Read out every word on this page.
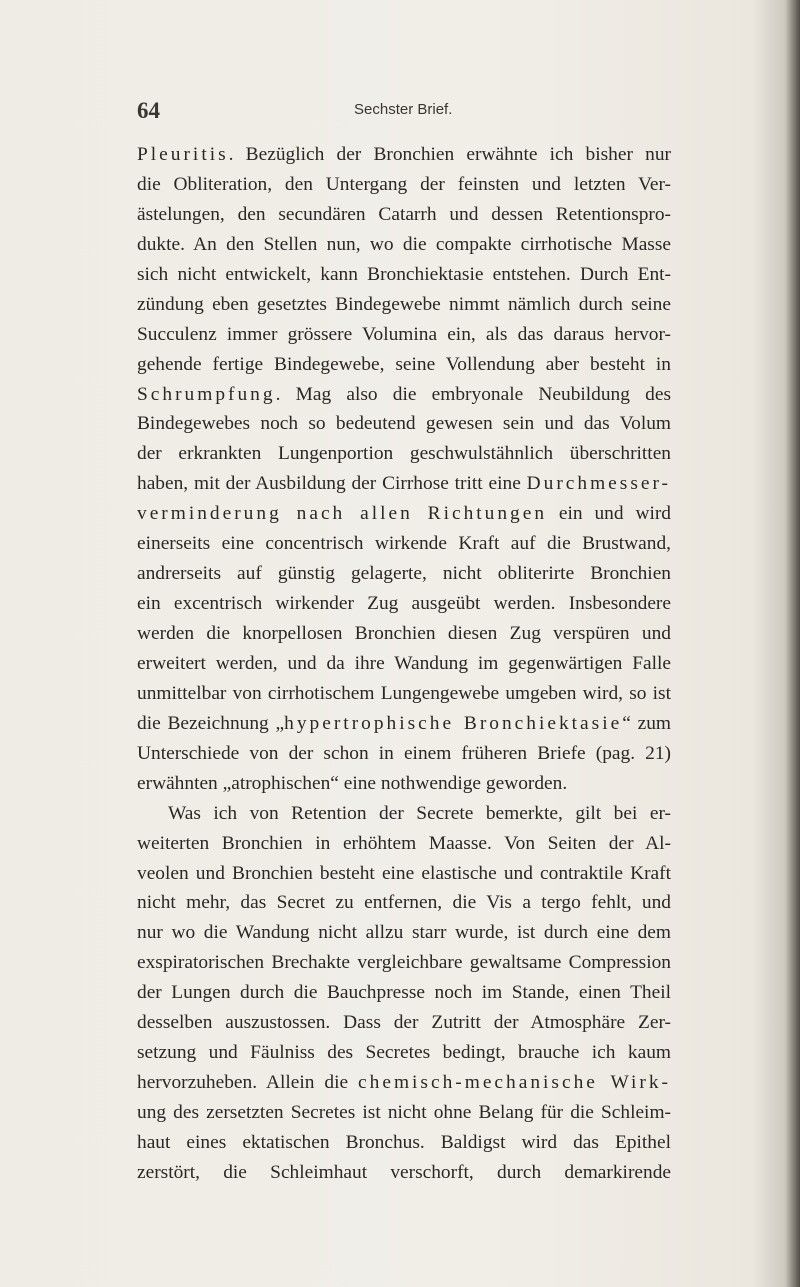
64	Sechster Brief.
Pleuritis. Bezüglich der Bronchien erwähnte ich bisher nur
die Obliteration, den Untergang der feinsten und letzten Ver-
ästelungen, den secundären Catarrh und dessen Retentionspro-
dukte. An den Stellen nun, wo die compakte cirrhotische Masse
sich nicht entwickelt, kann Bronchiektasie entstehen. Durch Ent-
zündung eben gesetztes Bindegewebe nimmt nämlich durch seine
Succulenz immer grössere Volumina ein, als das daraus hervor-
gehende fertige Bindegewebe, seine Vollendung aber besteht in
Schrumpfung. Mag also die embryonale Neubildung des
Bindegewebes noch so bedeutend gewesen sein und das Volum
der erkrankten Lungenportion geschwulstähnlich überschritten
haben, mit der Ausbildung der Cirrhose tritt eine Durchmesser-
verminderung nach allen Richtungen ein und wird
einerseits eine concentrisch wirkende Kraft auf die Brustwand,
andrerseits auf günstig gelagerte, nicht obliterirte Bronchien
ein excentrisch wirkender Zug ausgeübt werden. Insbesondere
werden die knorpellosen Bronchien diesen Zug verspüren und
erweitert werden, und da ihre Wandung im gegenwärtigen Falle
unmittelbar von cirrhotischem Lungengewebe umgeben wird, so ist
die Bezeichnung „hypertrophische Bronchiektasie“ zum
Unterschiede von der schon in einem früheren Briefe (pag. 21)
erwähnten „atrophischen“ eine nothwendige geworden.
Was ich von Retention der Secrete bemerkte, gilt bei er-
weiterten Bronchien in erhöhtem Maasse. Von Seiten der Al-
veolen und Bronchien besteht eine elastische und contraktile Kraft
nicht mehr, das Secret zu entfernen, die Vis a tergo fehlt, und
nur wo die Wandung nicht allzu starr wurde, ist durch eine dem
exspiratorischen Brechakte vergleichbare gewaltsame Compression
der Lungen durch die Bauchpresse noch im Stande, einen Theil
desselben auszustossen. Dass der Zutritt der Atmosphäre Zer-
setzung und Fäulniss des Secretes bedingt, brauche ich kaum
hervorzuheben. Allein die chemisch-mechanische Wirk-
ung des zersetzten Secretes ist nicht ohne Belang für die Schleim-
haut eines ektatischen Bronchus. Baldigst wird das Epithel
zerstört, die Schleimhaut verschorft, durch demarkirende
